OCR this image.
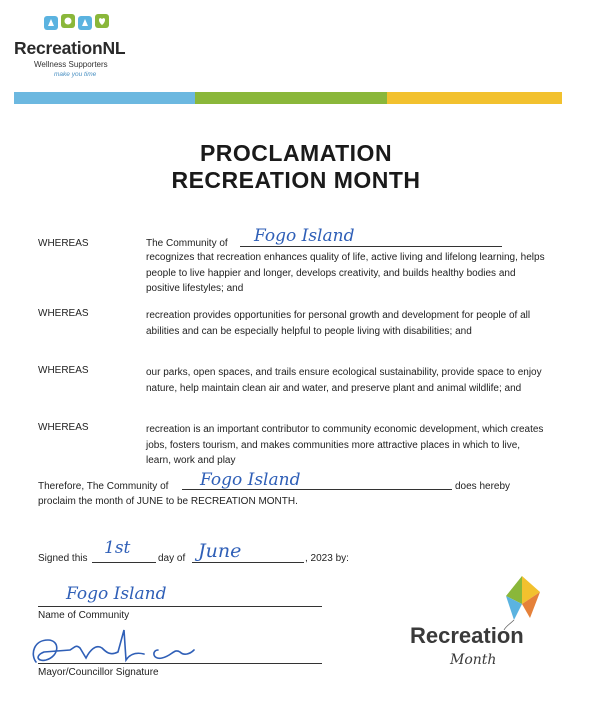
RecreationNL
Wellness Supporters
make you time
PROCLAMATION
RECREATION MONTH
WHEREAS	The Community of Fogo Island
recognizes that recreation enhances quality of life, active living and lifelong learning, helps people to live happier and longer, develops creativity, and builds healthy bodies and positive lifestyles; and
WHEREAS	recreation provides opportunities for personal growth and development for people of all abilities and can be especially helpful to people living with disabilities; and
WHEREAS	our parks, open spaces, and trails ensure ecological sustainability, provide space to enjoy nature, help maintain clean air and water, and preserve plant and animal wildlife; and
WHEREAS	recreation is an important contributor to community economic development, which creates jobs, fosters tourism, and makes communities more attractive places in which to live, learn, work and play
Therefore, The Community of Fogo Island	does hereby
proclaim the month of JUNE to be RECREATION MONTH.
Signed this
1st
day of June	, 2023 by:
Fogo Island
Name of Community
Mayor/Councillor Signature
Recreation
Month
